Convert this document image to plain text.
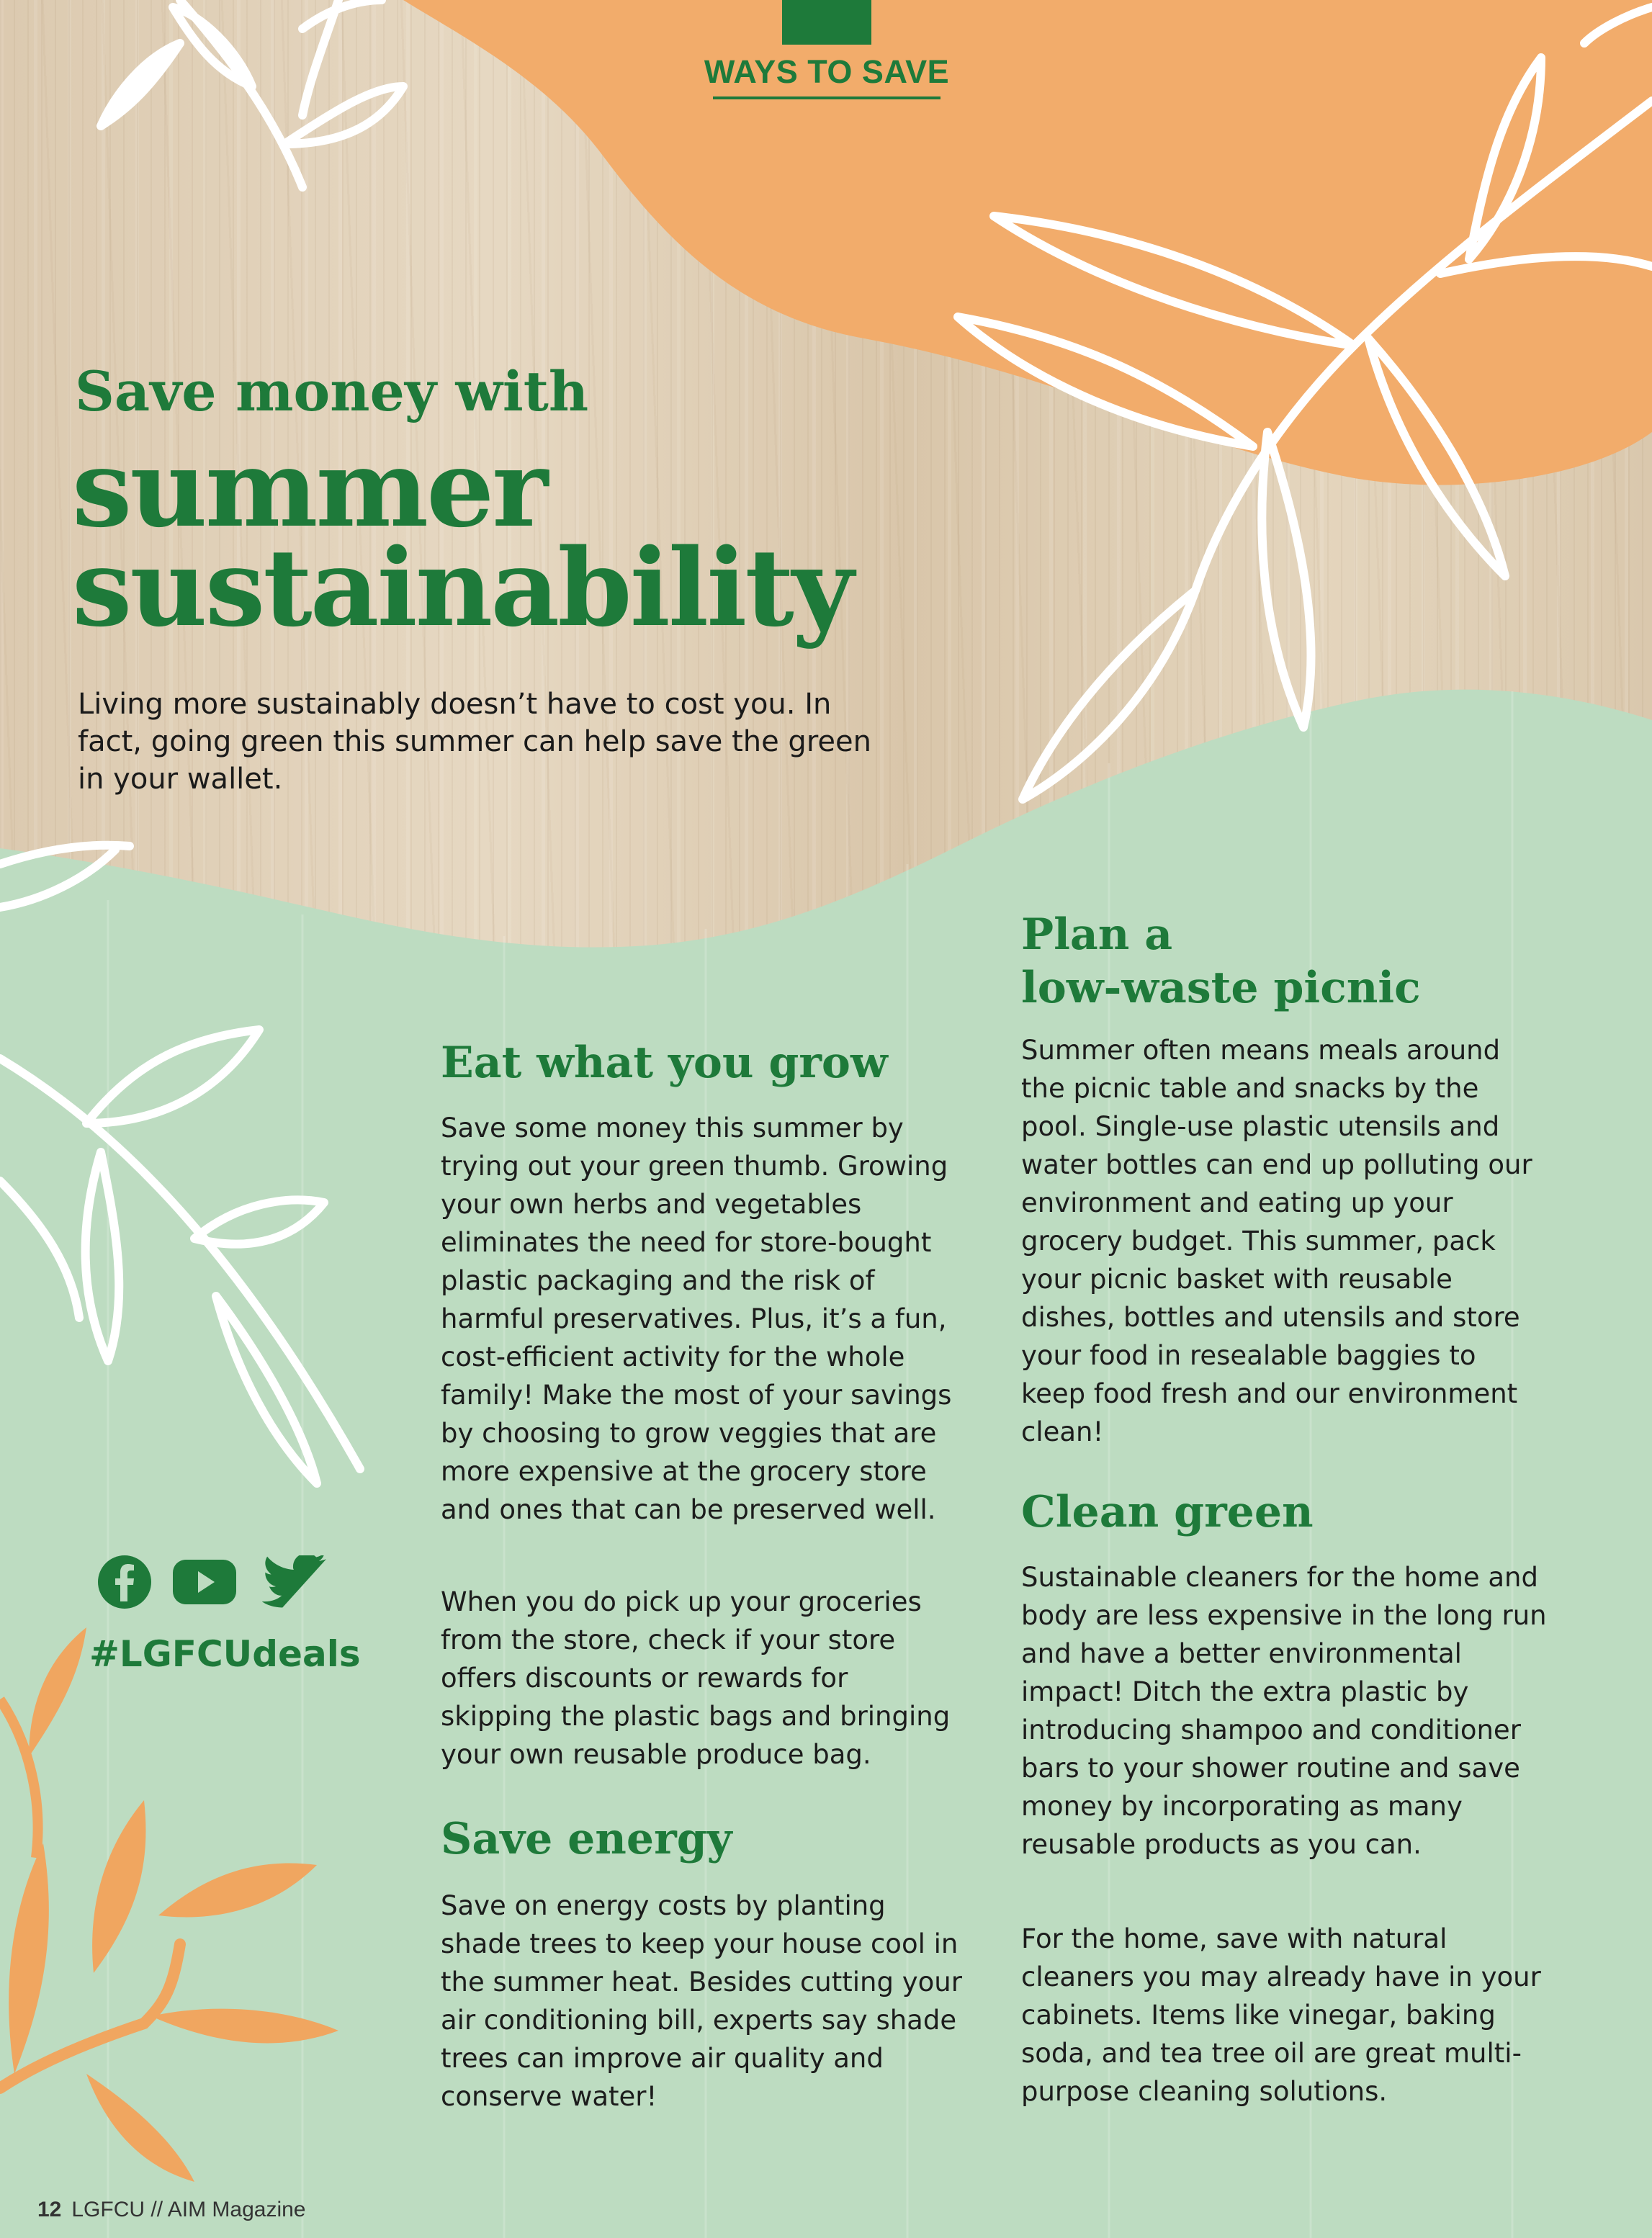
WAYS TO SAVE
Save money with
summer
sustainability

Living more sustainably doesn’t have to cost you. In fact, going green this summer can help save the green in your wallet.

Eat what you grow

Save some money this summer by trying out your green thumb. Growing your own herbs and vegetables eliminates the need for store-bought plastic packaging and the risk of harmful preservatives. Plus, it’s a fun, cost-efficient activity for the whole family! Make the most of your savings by choosing to grow veggies that are more expensive at the grocery store and ones that can be preserved well.

When you do pick up your groceries from the store, check if your store offers discounts or rewards for skipping the plastic bags and bringing your own reusable produce bag.

Save energy

Save on energy costs by planting shade trees to keep your house cool in the summer heat. Besides cutting your air conditioning bill, experts say shade trees can improve air quality and conserve water!

Plan a
low-waste picnic

Summer often means meals around the picnic table and snacks by the pool. Single-use plastic utensils and water bottles can end up polluting our environment and eating up your grocery budget. This summer, pack your picnic basket with reusable dishes, bottles and utensils and store your food in resealable baggies to keep food fresh and our environment clean!

Clean green

Sustainable cleaners for the home and body are less expensive in the long run and have a better environmental impact! Ditch the extra plastic by introducing shampoo and conditioner bars to your shower routine and save money by incorporating as many reusable products as you can.

For the home, save with natural cleaners you may already have in your cabinets. Items like vinegar, baking soda, and tea tree oil are great multi-purpose cleaning solutions.

#LGFCUdeals
12 LGFCU // AIM Magazine
